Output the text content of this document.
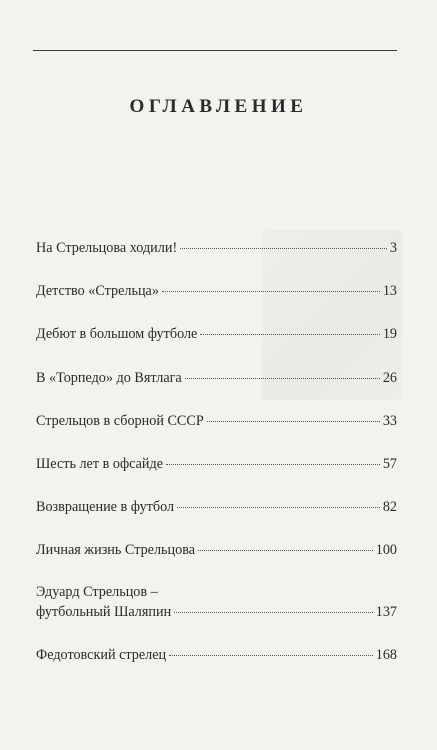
ОГЛАВЛЕНИЕ
На Стрельцова ходили!	3
Детство «Стрельца»	13
Дебют в большом футболе	19
В «Торпедо» до Вятлага	26
Стрельцов в сборной СССР	33
Шесть лет в офсайде	57
Возвращение в футбол	82
Личная жизнь Стрельцова	100
Эдуард Стрельцов –
футбольный Шаляпин	137
Федотовский стрелец	168
